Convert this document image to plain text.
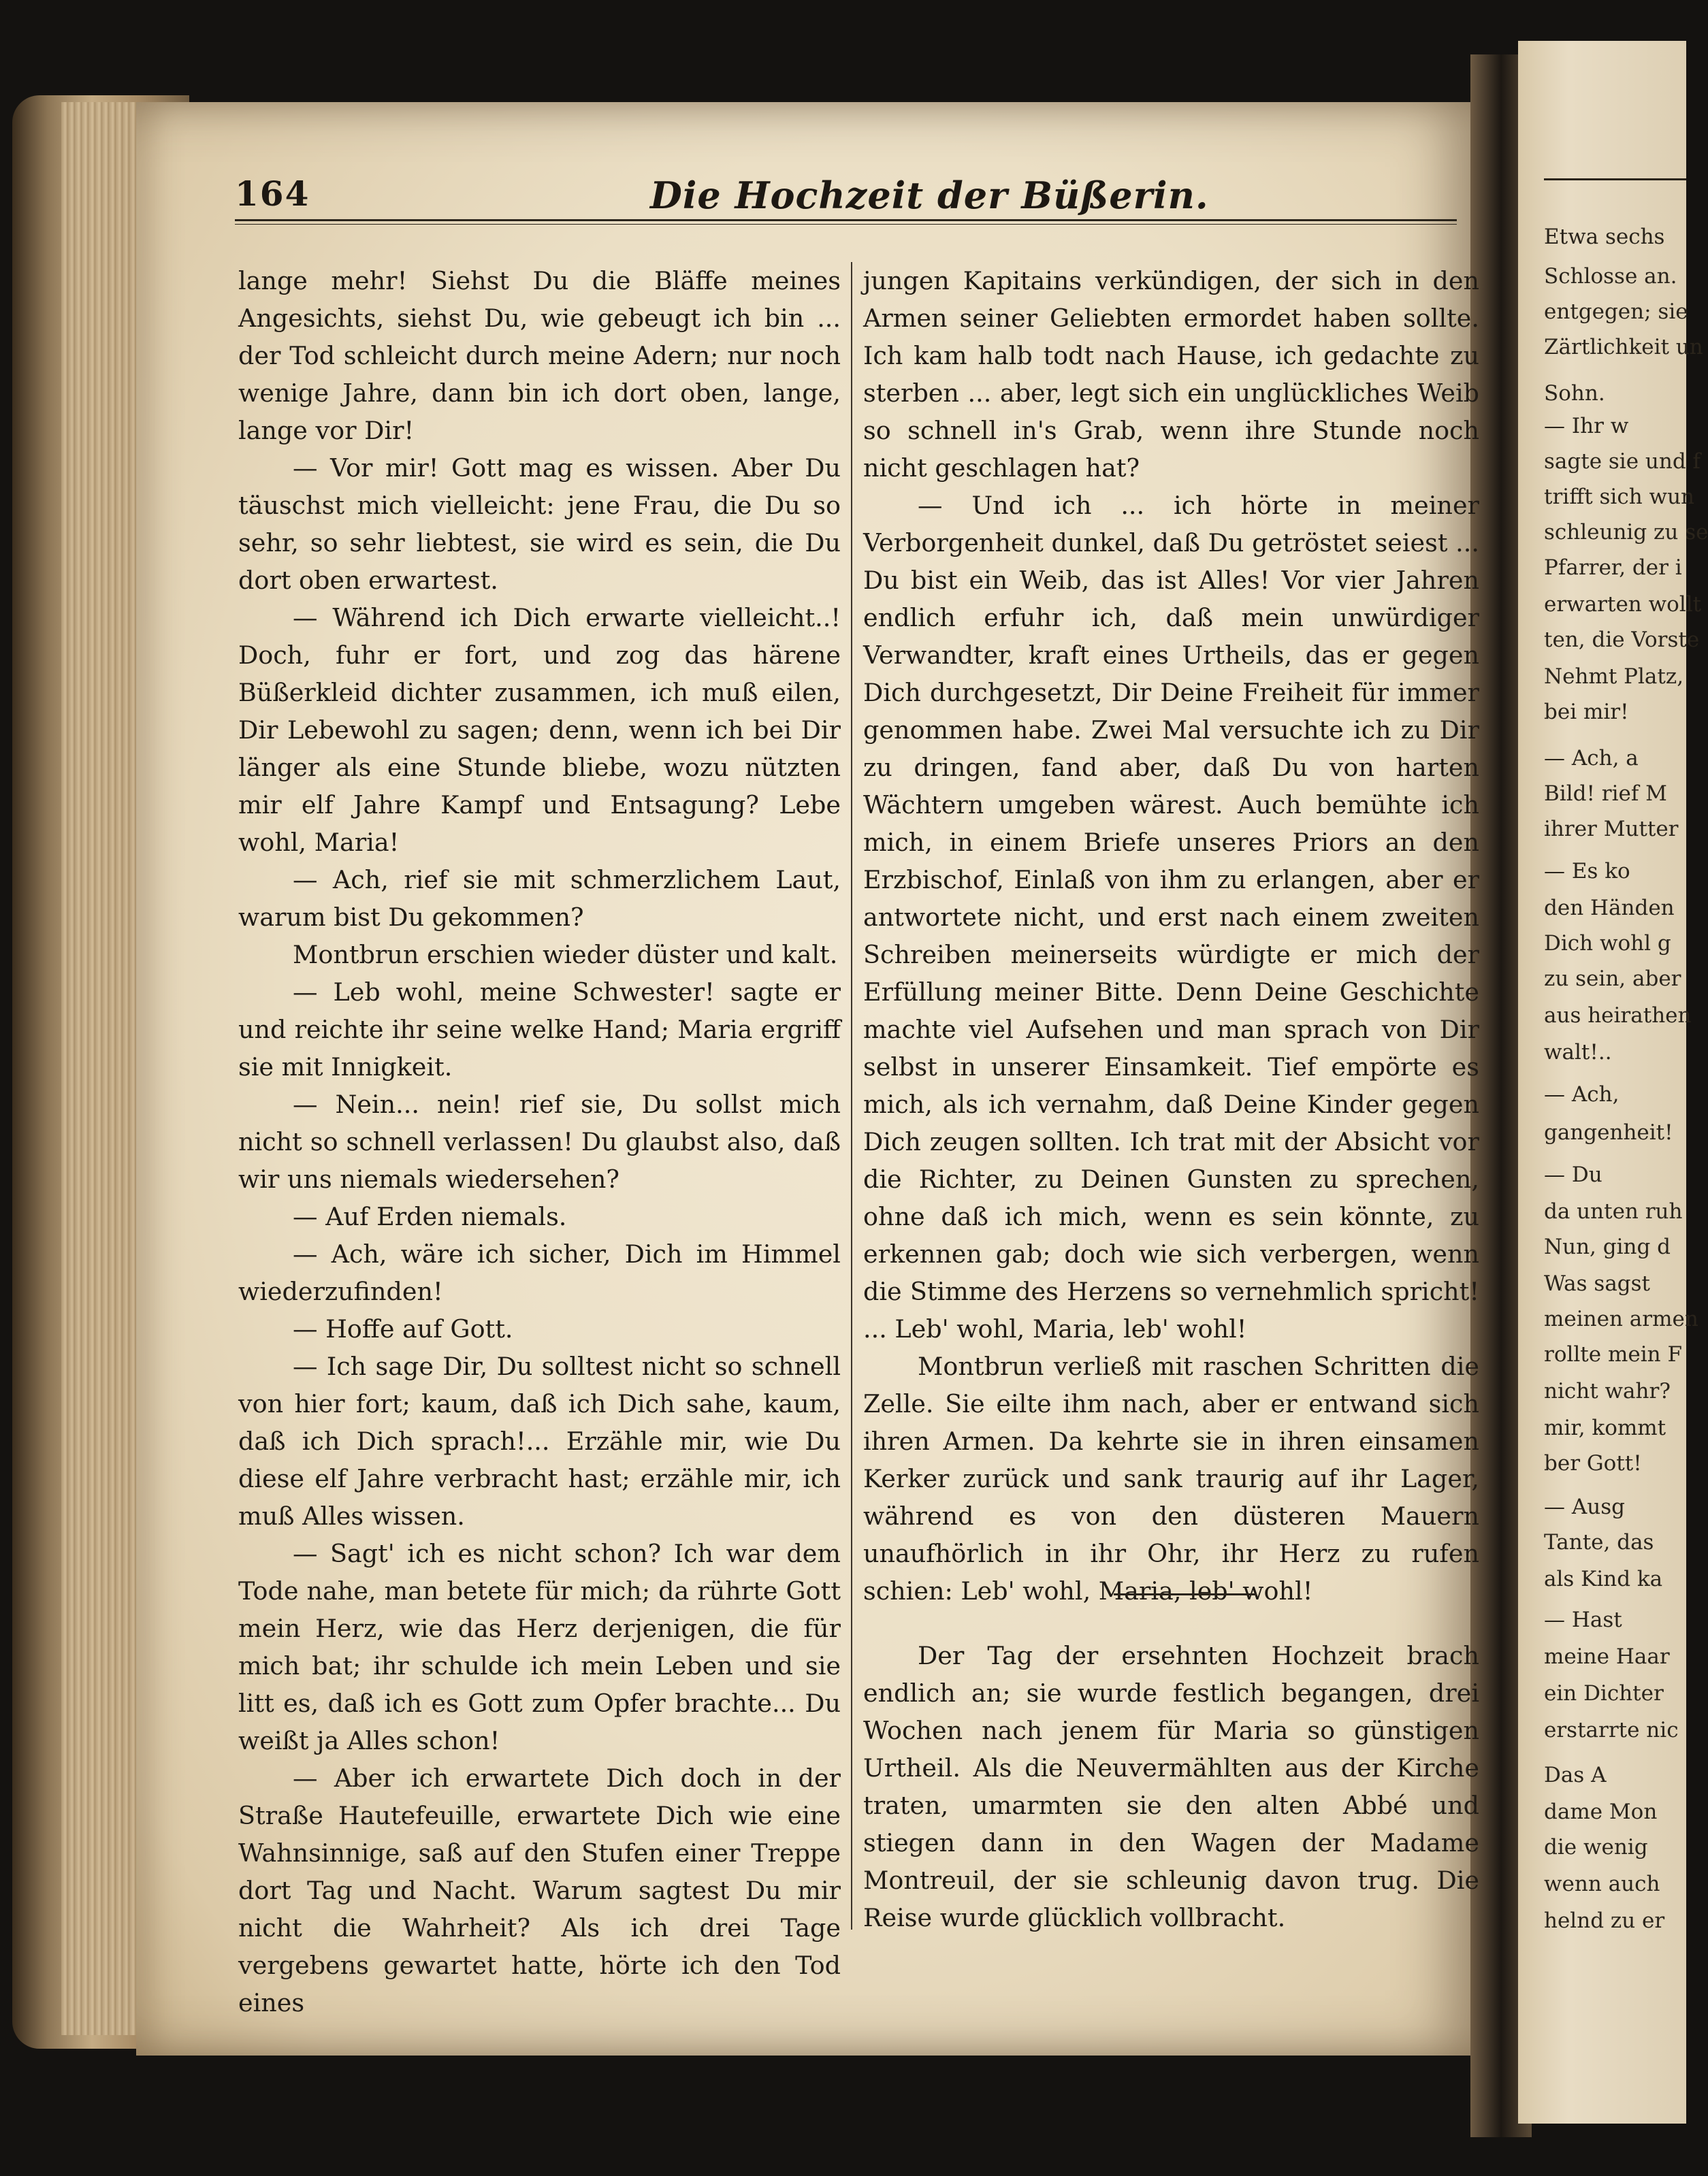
164	Die Hochzeit der Büßerin.

lange mehr! Siehst Du die Bläffe meines Angesichts, siehst Du, wie gebeugt ich bin ... der Tod schleicht durch meine Adern; nur noch wenige Jahre, dann bin ich dort oben, lange, lange vor Dir!

— Vor mir! Gott mag es wissen. Aber Du täuschst mich vielleicht: jene Frau, die Du so sehr, so sehr liebtest, sie wird es sein, die Du dort oben erwartest.

— Während ich Dich erwarte vielleicht..! Doch, fuhr er fort, und zog das härene Büßerkleid dichter zusammen, ich muß eilen, Dir Lebewohl zu sagen; denn, wenn ich bei Dir länger als eine Stunde bliebe, wozu nützten mir elf Jahre Kampf und Entsagung? Lebe wohl, Maria!

— Ach, rief sie mit schmerzlichem Laut, warum bist Du gekommen?

Montbrun erschien wieder düster und kalt.

— Leb wohl, meine Schwester! sagte er und reichte ihr seine welke Hand; Maria ergriff sie mit Innigkeit.

— Nein... nein! rief sie, Du sollst mich nicht so schnell verlassen! Du glaubst also, daß wir uns niemals wiedersehen?

— Auf Erden niemals.

— Ach, wäre ich sicher, Dich im Himmel wiederzufinden!

— Hoffe auf Gott.

— Ich sage Dir, Du solltest nicht so schnell von hier fort; kaum, daß ich Dich sahe, kaum, daß ich Dich sprach!... Erzähle mir, wie Du diese elf Jahre verbracht hast; erzähle mir, ich muß Alles wissen.

— Sagt' ich es nicht schon? Ich war dem Tode nahe, man betete für mich; da rührte Gott mein Herz, wie das Herz derjenigen, die für mich bat; ihr schulde ich mein Leben und sie litt es, daß ich es Gott zum Opfer brachte... Du weißt ja Alles schon!

— Aber ich erwartete Dich doch in der Straße Hautefeuille, erwartete Dich wie eine Wahnsinnige, saß auf den Stufen einer Treppe dort Tag und Nacht. Warum sagtest Du mir nicht die Wahrheit? Als ich drei Tage vergebens gewartet hatte, hörte ich den Tod eines

jungen Kapitains verkündigen, der sich in den Armen seiner Geliebten ermordet haben sollte. Ich kam halb todt nach Hause, ich gedachte zu sterben ... aber, legt sich ein unglückliches Weib so schnell in's Grab, wenn ihre Stunde noch nicht geschlagen hat?

— Und ich ... ich hörte in meiner Verborgenheit dunkel, daß Du getröstet seiest ... Du bist ein Weib, das ist Alles! Vor vier Jahren endlich erfuhr ich, daß mein unwürdiger Verwandter, kraft eines Urtheils, das er gegen Dich durchgesetzt, Dir Deine Freiheit für immer genommen habe. Zwei Mal versuchte ich zu Dir zu dringen, fand aber, daß Du von harten Wächtern umgeben wärest. Auch bemühte ich mich, in einem Briefe unseres Priors an den Erzbischof, Einlaß von ihm zu erlangen, aber er antwortete nicht, und erst nach einem zweiten Schreiben meinerseits würdigte er mich der Erfüllung meiner Bitte. Denn Deine Geschichte machte viel Aufsehen und man sprach von Dir selbst in unserer Einsamkeit. Tief empörte es mich, als ich vernahm, daß Deine Kinder gegen Dich zeugen sollten. Ich trat mit der Absicht vor die Richter, zu Deinen Gunsten zu sprechen, ohne daß ich mich, wenn es sein könnte, zu erkennen gab; doch wie sich verbergen, wenn die Stimme des Herzens so vernehmlich spricht! ... Leb' wohl, Maria, leb' wohl!

Montbrun verließ mit raschen Schritten die Zelle. Sie eilte ihm nach, aber er entwand sich ihren Armen. Da kehrte sie in ihren einsamen Kerker zurück und sank traurig auf ihr Lager, während es von den düsteren Mauern unaufhörlich in ihr Ohr, ihr Herz zu rufen schien: Leb' wohl, Maria, leb' wohl!

Der Tag der ersehnten Hochzeit brach endlich an; sie wurde festlich begangen, drei Wochen nach jenem für Maria so günstigen Urtheil. Als die Neuvermählten aus der Kirche traten, umarmten sie den alten Abbé und stiegen dann in den Wagen der Madame Montreuil, der sie schleunig davon trug. Die Reise wurde glücklich vollbracht.

Etwa sechs
Schlosse an.
entgegen; sie
Zärtlichkeit un
Sohn.
— Ihr w
sagte sie und f
trifft sich wun
schleunig zu se
Pfarrer, der i
erwarten wollt
ten, die Vorste
Nehmt Platz,
bei mir!
— Ach, a
Bild! rief M
ihrer Mutter
— Es ko
den Händen
Dich wohl g
zu sein, aber
aus heirathen
walt!..
— Ach,
gangenheit!
— Du
da unten ruh
Nun, ging d
Was sagst
meinen armen
rollte mein F
nicht wahr?
mir, kommt
ber Gott!
— Ausg
Tante, das
als Kind ka
— Hast
meine Haar
ein Dichter
erstarrte nic
Das A
dame Mon
die wenig
wenn auch
helnd zu er
